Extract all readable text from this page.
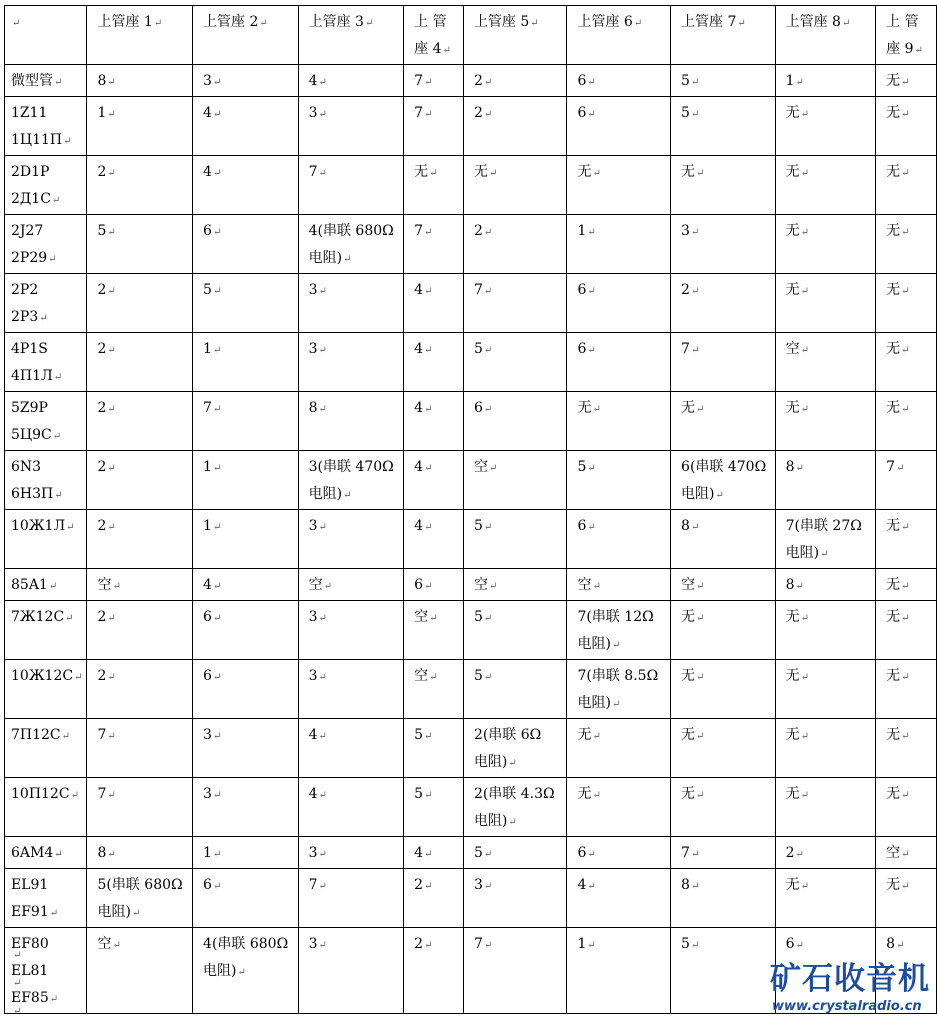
↵	上管座 1↵	上管座 2↵	上管座 3↵	上 管座 4↵	上管座 5↵	上管座 6↵	上管座 7↵	上管座 8↵	上 管座 9↵
微型管↵	8↵	3↵	4↵	7↵	2↵	6↵	5↵	1↵	无↵
1Z11
1Ц11П↵	1↵	4↵	3↵	7↵	2↵	6↵	5↵	无↵	无↵
2D1P
2Д1С↵	2↵	4↵	7↵	无↵	无↵	无↵	无↵	无↵	无↵
2J27
2P29↵	5↵	6↵	4(串联 680Ω
电阻)↵	7↵	2↵	1↵	3↵	无↵	无↵
2P2
2P3↵	2↵	5↵	3↵	4↵	7↵	6↵	2↵	无↵	无↵
4P1S
4П1Л↵	2↵	1↵	3↵	4↵	5↵	6↵	7↵	空↵	无↵
5Z9P
5Ц9С↵	2↵	7↵	8↵	4↵	6↵	无↵	无↵	无↵	无↵
6N3
6Н3П↵	2↵	1↵	3(串联 470Ω
电阻)↵	4↵	空↵	5↵	6(串联 470Ω
电阻)↵	8↵	7↵
10Ж1Л↵	2↵	1↵	3↵	4↵	5↵	6↵	8↵	7(串联 27Ω
电阻)↵	无↵
85A1↵	空↵	4↵	空↵	6↵	空↵	空↵	空↵	8↵	无↵
7Ж12С↵	2↵	6↵	3↵	空↵	5↵	7(串联 12Ω
电阻)↵	无↵	无↵	无↵
10Ж12С↵	2↵	6↵	3↵	空↵	5↵	7(串联 8.5Ω
电阻)↵	无↵	无↵	无↵
7П12С↵	7↵	3↵	4↵	5↵	2(串联 6Ω
电阻)↵	无↵	无↵	无↵	无↵
10П12С↵	7↵	3↵	4↵	5↵	2(串联 4.3Ω
电阻)↵	无↵	无↵	无↵	无↵
6AM4↵	8↵	1↵	3↵	4↵	5↵	6↵	7↵	2↵	空↵
EL91
EF91↵	5(串联 680Ω
电阻)↵	6↵	7↵	2↵	3↵	4↵	8↵	无↵	无↵
EF80
EL81
EF85↵	空↵	4(串联 680Ω
电阻)↵	3↵	2↵	7↵	1↵	5↵	6↵	8↵
↵
↵
↵
矿石收音机
www.crystalradio.cn
